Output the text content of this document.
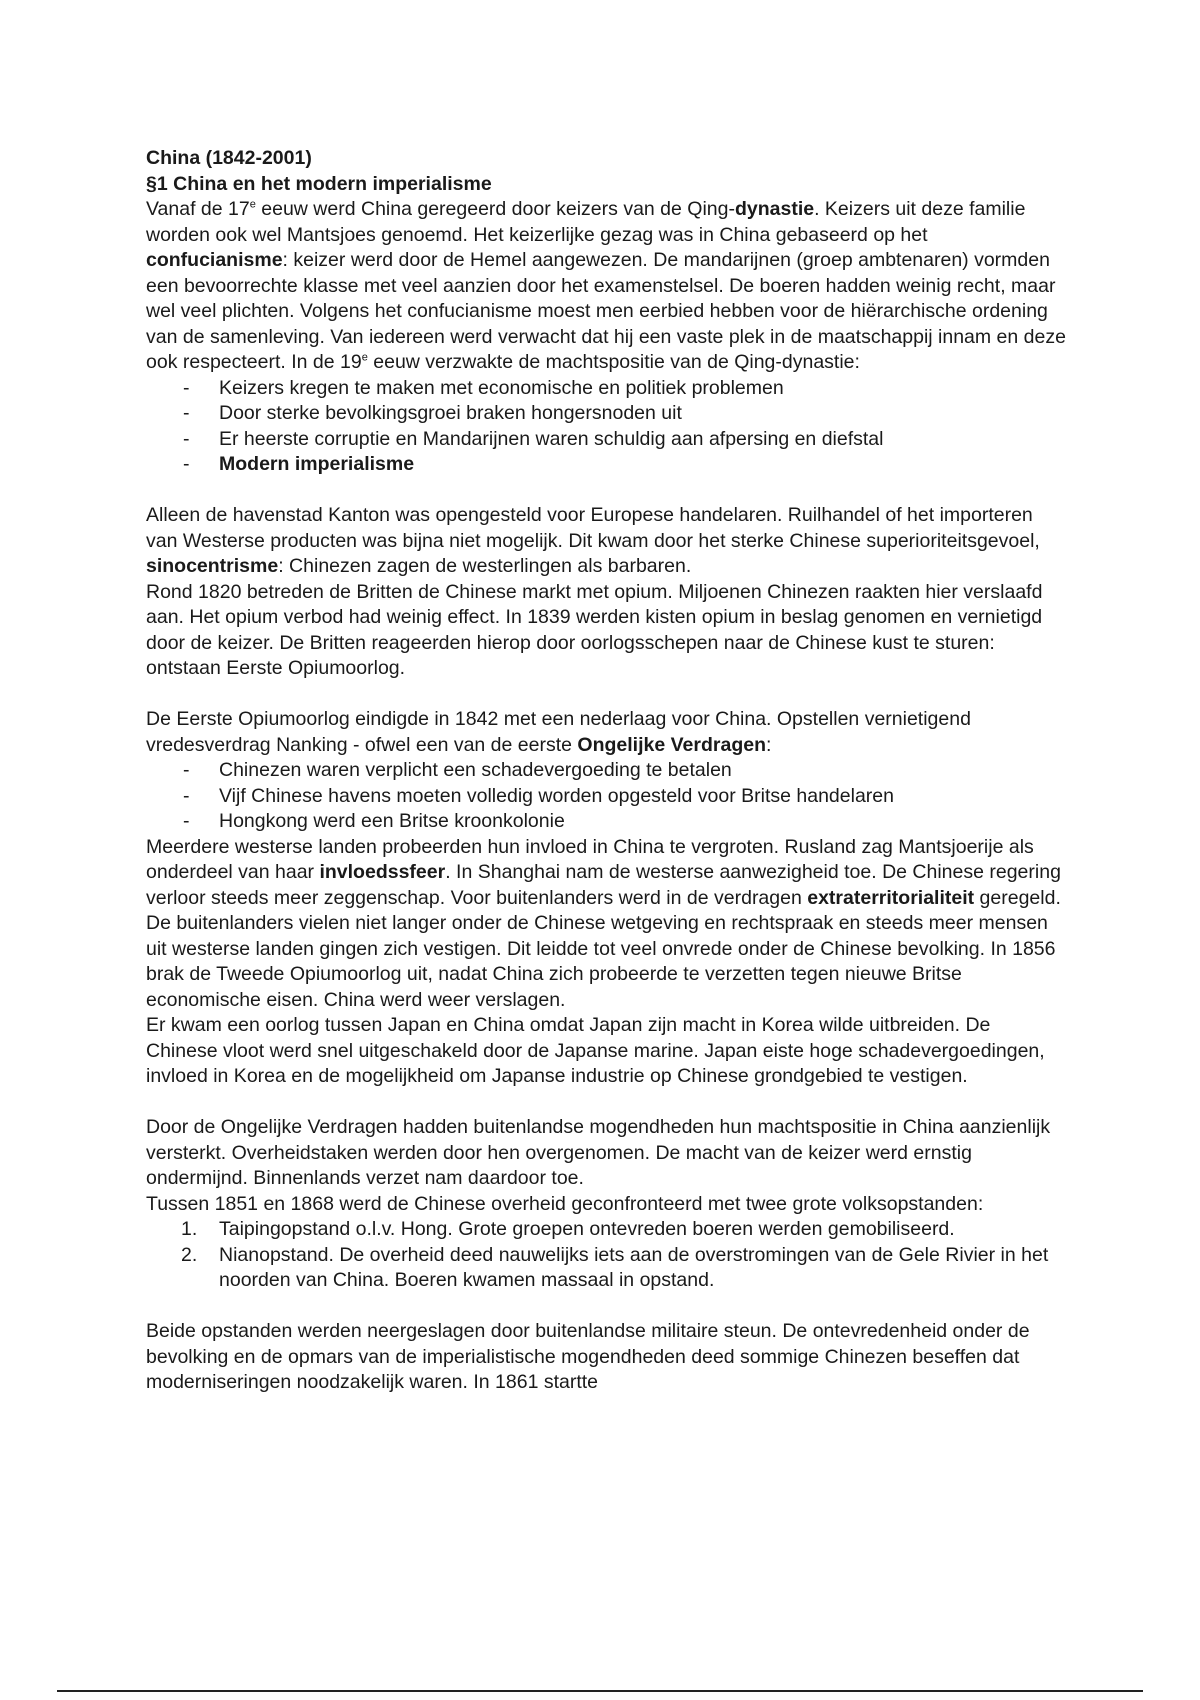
China (1842-2001)

§1 China en het modern imperialisme

Vanaf de 17e eeuw werd China geregeerd door keizers van de Qing-dynastie. Keizers uit deze familie worden ook wel Mantsjoes genoemd. Het keizerlijke gezag was in China gebaseerd op het confucianisme: keizer werd door de Hemel aangewezen. De mandarijnen (groep ambtenaren) vormden een bevoorrechte klasse met veel aanzien door het examenstelsel. De boeren hadden weinig recht, maar wel veel plichten. Volgens het confucianisme moest men eerbied hebben voor de hiërarchische ordening van de samenleving. Van iedereen werd verwacht dat hij een vaste plek in de maatschappij innam en deze ook respecteert. In de 19e eeuw verzwakte de machtspositie van de Qing-dynastie:

- Keizers kregen te maken met economische en politiek problemen
- Door sterke bevolkingsgroei braken hongersnoden uit
- Er heerste corruptie en Mandarijnen waren schuldig aan afpersing en diefstal
- Modern imperialisme

Alleen de havenstad Kanton was opengesteld voor Europese handelaren. Ruilhandel of het importeren van Westerse producten was bijna niet mogelijk. Dit kwam door het sterke Chinese superioriteitsgevoel, sinocentrisme: Chinezen zagen de westerlingen als barbaren.

Rond 1820 betreden de Britten de Chinese markt met opium. Miljoenen Chinezen raakten hier verslaafd aan. Het opium verbod had weinig effect. In 1839 werden kisten opium in beslag genomen en vernietigd door de keizer. De Britten reageerden hierop door oorlogsschepen naar de Chinese kust te sturen: ontstaan Eerste Opiumoorlog.

De Eerste Opiumoorlog eindigde in 1842 met een nederlaag voor China. Opstellen vernietigend vredesverdrag Nanking - ofwel een van de eerste Ongelijke Verdragen:

- Chinezen waren verplicht een schadevergoeding te betalen
- Vijf Chinese havens moeten volledig worden opgesteld voor Britse handelaren
- Hongkong werd een Britse kroonkolonie

Meerdere westerse landen probeerden hun invloed in China te vergroten. Rusland zag Mantsjoerije als onderdeel van haar invloedssfeer. In Shanghai nam de westerse aanwezigheid toe. De Chinese regering verloor steeds meer zeggenschap. Voor buitenlanders werd in de verdragen extraterritorialiteit geregeld. De buitenlanders vielen niet langer onder de Chinese wetgeving en rechtspraak en steeds meer mensen uit westerse landen gingen zich vestigen. Dit leidde tot veel onvrede onder de Chinese bevolking. In 1856 brak de Tweede Opiumoorlog uit, nadat China zich probeerde te verzetten tegen nieuwe Britse economische eisen. China werd weer verslagen.

Er kwam een oorlog tussen Japan en China omdat Japan zijn macht in Korea wilde uitbreiden. De Chinese vloot werd snel uitgeschakeld door de Japanse marine. Japan eiste hoge schadevergoedingen, invloed in Korea en de mogelijkheid om Japanse industrie op Chinese grondgebied te vestigen.

Door de Ongelijke Verdragen hadden buitenlandse mogendheden hun machtspositie in China aanzienlijk versterkt. Overheidstaken werden door hen overgenomen. De macht van de keizer werd ernstig ondermijnd. Binnenlands verzet nam daardoor toe.

Tussen 1851 en 1868 werd de Chinese overheid geconfronteerd met twee grote volksopstanden:

1. Taipingopstand o.l.v. Hong. Grote groepen ontevreden boeren werden gemobiliseerd.
2. Nianopstand. De overheid deed nauwelijks iets aan de overstromingen van de Gele Rivier in het noorden van China. Boeren kwamen massaal in opstand.

Beide opstanden werden neergeslagen door buitenlandse militaire steun. De ontevredenheid onder de bevolking en de opmars van de imperialistische mogendheden deed sommige Chinezen beseffen dat moderniseringen noodzakelijk waren. In 1861 startte
